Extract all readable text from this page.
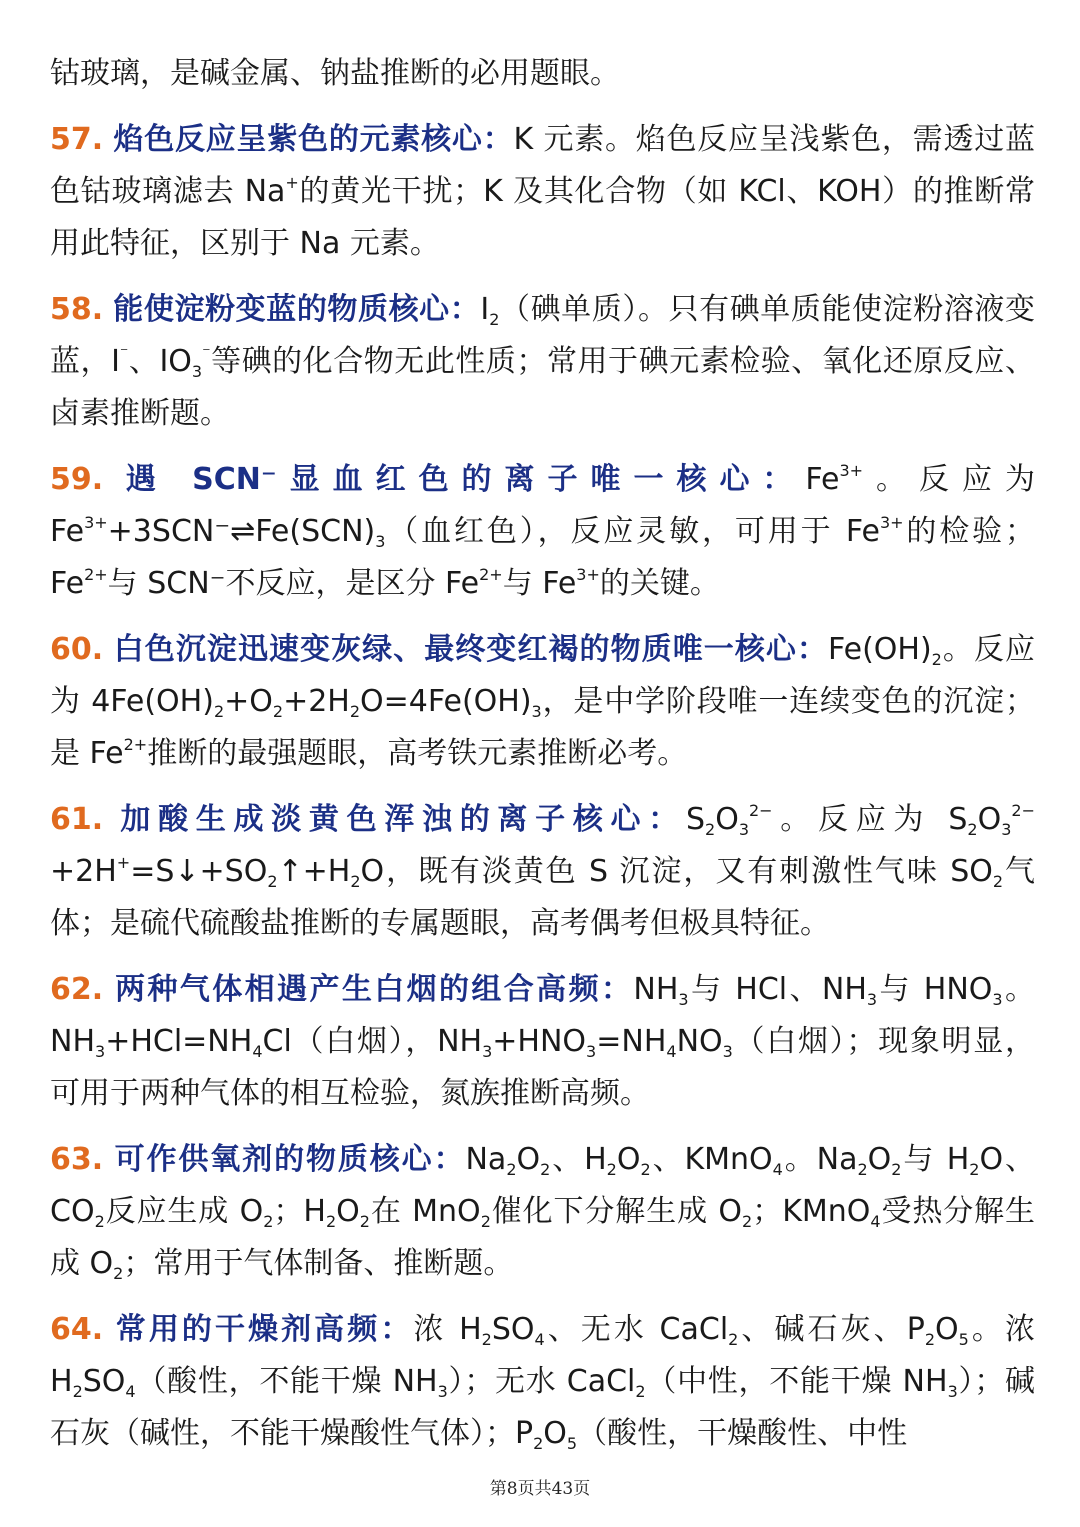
钴玻璃，是碱金属、钠盐推断的必用题眼。

57. 焰色反应呈紫色的元素核心：K 元素。焰色反应呈浅紫色，需透过蓝色钴玻璃滤去 Na+的黄光干扰；K 及其化合物（如 KCl、KOH）的推断常用此特征，区别于 Na 元素。

58. 能使淀粉变蓝的物质核心：$I_2$（碘单质）。只有碘单质能使淀粉溶液变蓝，I⁻、$IO_3^{^-}$等碘的化合物无此性质；常用于碘元素检验、氧化还原反应、卤素推断题。

59. 遇 SCN⁻显血红色的离子唯一核心：$Fe^{3+}$。反应为 $Fe^{3+}+3SCN^-\rightleftharpoons Fe(SCN)_3$（血红色），反应灵敏，可用于 $Fe^{3+}$的检验；$Fe^{2+}$与 SCN⁻不反应，是区分 $Fe^{2+}$与 $Fe^{3+}$的关键。

60. 白色沉淀迅速变灰绿、最终变红褐的物质唯一核心：$Fe(OH)_2$。反应为 $4Fe(OH)_2+O_2+2H_2O=4Fe(OH)_3$，是中学阶段唯一连续变色的沉淀；是 $Fe^{2+}$推断的最强题眼，高考铁元素推断必考。

61. 加酸生成淡黄色浑浊的离子核心：$S_2O_3^{2-}$。反应为 $S_2O_3^{2-}+2H^+=S↓+SO_2↑+H_2O$，既有淡黄色 S 沉淀，又有刺激性气味 $SO_2$气体；是硫代硫酸盐推断的专属题眼，高考偶考但极具特征。

62. 两种气体相遇产生白烟的组合高频：$NH_3$与 HCl、$NH_3$与 $HNO_3$。$NH_3+HCl=NH_4Cl$（白烟），$NH_3+HNO_3=NH_4NO_3$（白烟）；现象明显，可用于两种气体的相互检验，氮族推断高频。

63. 可作供氧剂的物质核心：$Na_2O_2$、$H_2O_2$、KMnO$_4$。$Na_2O_2$与 $H_2O$、$CO_2$反应生成 $O_2$；$H_2O_2$在 MnO$_2$催化下分解生成 $O_2$；KMnO$_4$受热分解生成 $O_2$；常用于气体制备、推断题。

64. 常用的干燥剂高频：浓 $H_2SO_4$、无水 CaCl$_2$、碱石灰、$P_2O_5$。浓 $H_2SO_4$（酸性，不能干燥 $NH_3$）；无水 CaCl$_2$（中性，不能干燥 $NH_3$）；碱石灰（碱性，不能干燥酸性气体）；$P_2O_5$（酸性，干燥酸性、中性

第8页共43页
